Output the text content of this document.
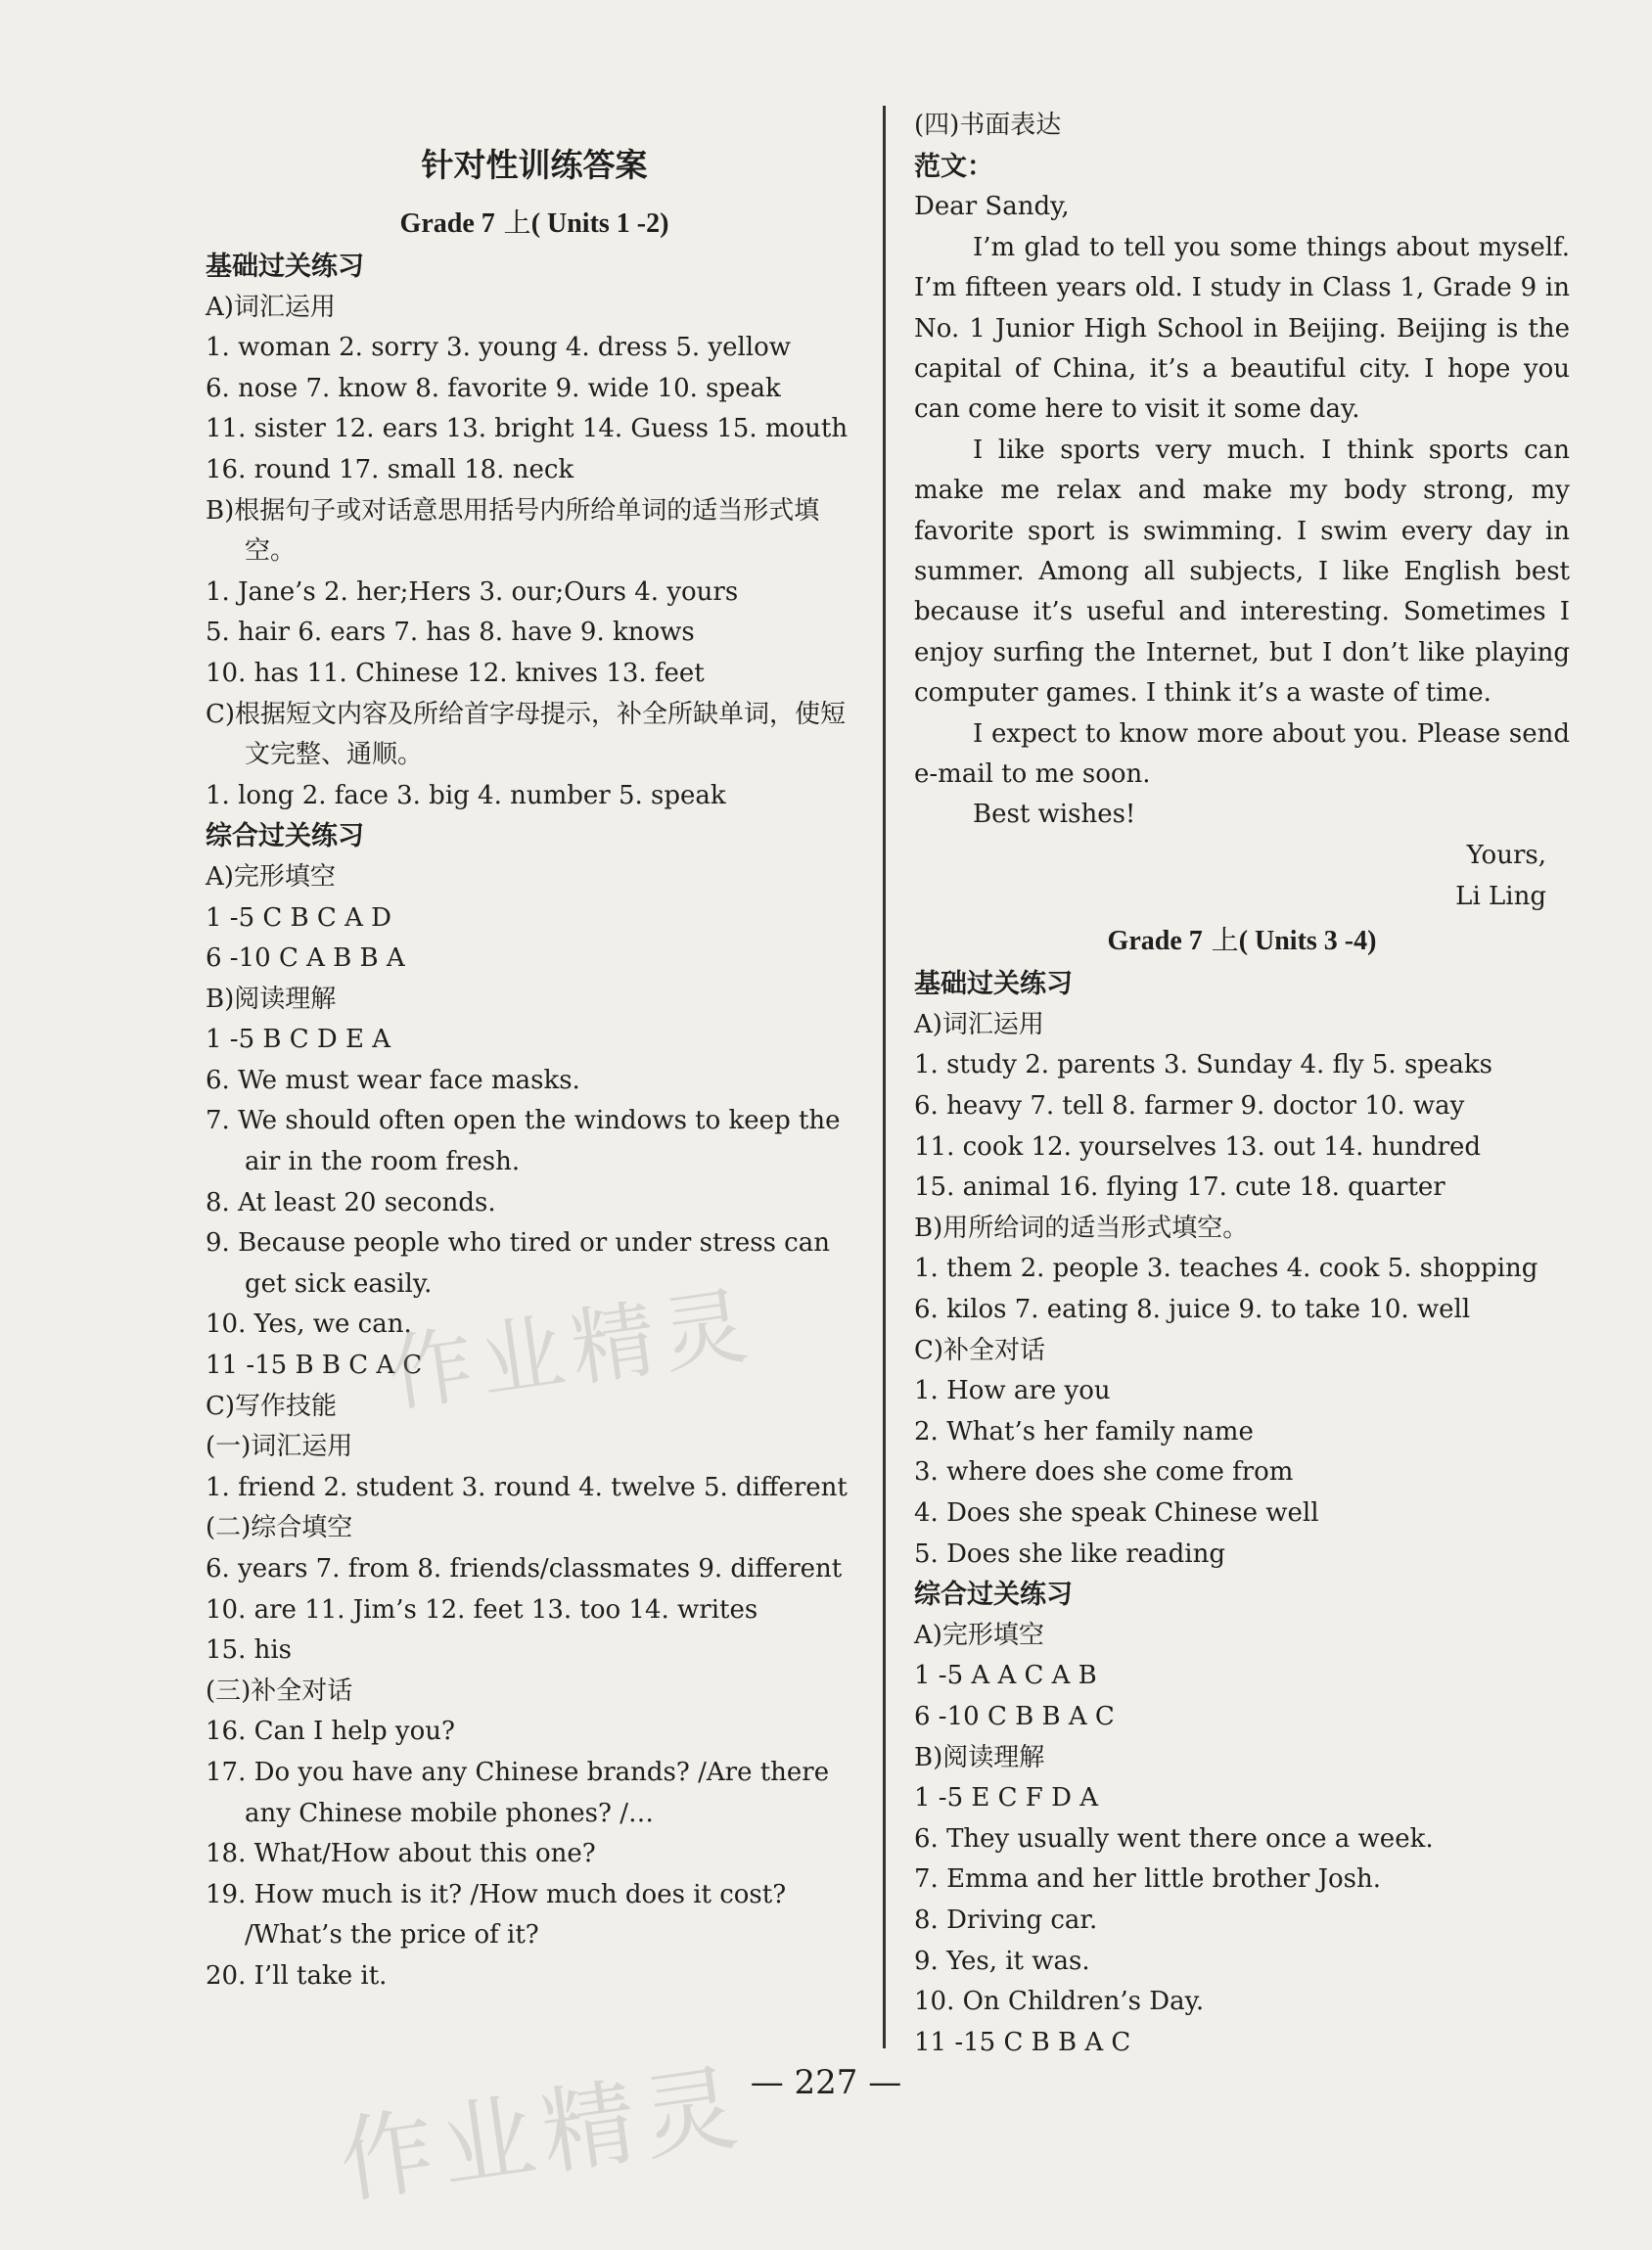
针对性训练答案
Grade 7 上( Units 1 -2)
基础过关练习
A)词汇运用
1. woman 2. sorry 3. young 4. dress 5. yellow
6. nose 7. know 8. favorite 9. wide 10. speak
11. sister 12. ears 13. bright 14. Guess 15. mouth
16. round 17. small 18. neck
B)根据句子或对话意思用括号内所给单词的适当形式填空。
1. Jane’s 2. her;Hers 3. our;Ours 4. yours
5. hair 6. ears 7. has 8. have 9. knows
10. has 11. Chinese 12. knives 13. feet
C)根据短文内容及所给首字母提示，补全所缺单词，使短文完整、通顺。
1. long 2. face 3. big 4. number 5. speak
综合过关练习
A)完形填空
1 -5 C B C A D
6 -10 C A B B A
B)阅读理解
1 -5 B C D E A
6. We must wear face masks.
7. We should often open the windows to keep the air in the room fresh.
8. At least 20 seconds.
9. Because people who tired or under stress can get sick easily.
10. Yes, we can.
11 -15 B B C A C
C)写作技能
(一)词汇运用
1. friend 2. student 3. round 4. twelve 5. different
(二)综合填空
6. years 7. from 8. friends/classmates 9. different
10. are 11. Jim’s 12. feet 13. too 14. writes
15. his
(三)补全对话
16. Can I help you?
17. Do you have any Chinese brands? /Are there any Chinese mobile phones? /…
18. What/How about this one?
19. How much is it? /How much does it cost? /What’s the price of it?
20. I’ll take it.
(四)书面表达
范文：
Dear Sandy,
I’m glad to tell you some things about myself. I’m fifteen years old. I study in Class 1, Grade 9 in No. 1 Junior High School in Beijing. Beijing is the capital of China, it’s a beautiful city. I hope you can come here to visit it some day.
I like sports very much. I think sports can make me relax and make my body strong, my favorite sport is swimming. I swim every day in summer. Among all subjects, I like English best because it’s useful and interesting. Sometimes I enjoy surfing the Internet, but I don’t like playing computer games. I think it’s a waste of time.
I expect to know more about you. Please send e-mail to me soon.
Best wishes!
Yours,
Li Ling
Grade 7 上( Units 3 -4)
基础过关练习
A)词汇运用
1. study 2. parents 3. Sunday 4. fly 5. speaks
6. heavy 7. tell 8. farmer 9. doctor 10. way
11. cook 12. yourselves 13. out 14. hundred
15. animal 16. flying 17. cute 18. quarter
B)用所给词的适当形式填空。
1. them 2. people 3. teaches 4. cook 5. shopping
6. kilos 7. eating 8. juice 9. to take 10. well
C)补全对话
1. How are you
2. What’s her family name
3. where does she come from
4. Does she speak Chinese well
5. Does she like reading
综合过关练习
A)完形填空
1 -5 A A C A B
6 -10 C B B A C
B)阅读理解
1 -5 E C F D A
6. They usually went there once a week.
7. Emma and her little brother Josh.
8. Driving car.
9. Yes, it was.
10. On Children’s Day.
11 -15 C B B A C
— 227 —
作业精灵
作业精灵
